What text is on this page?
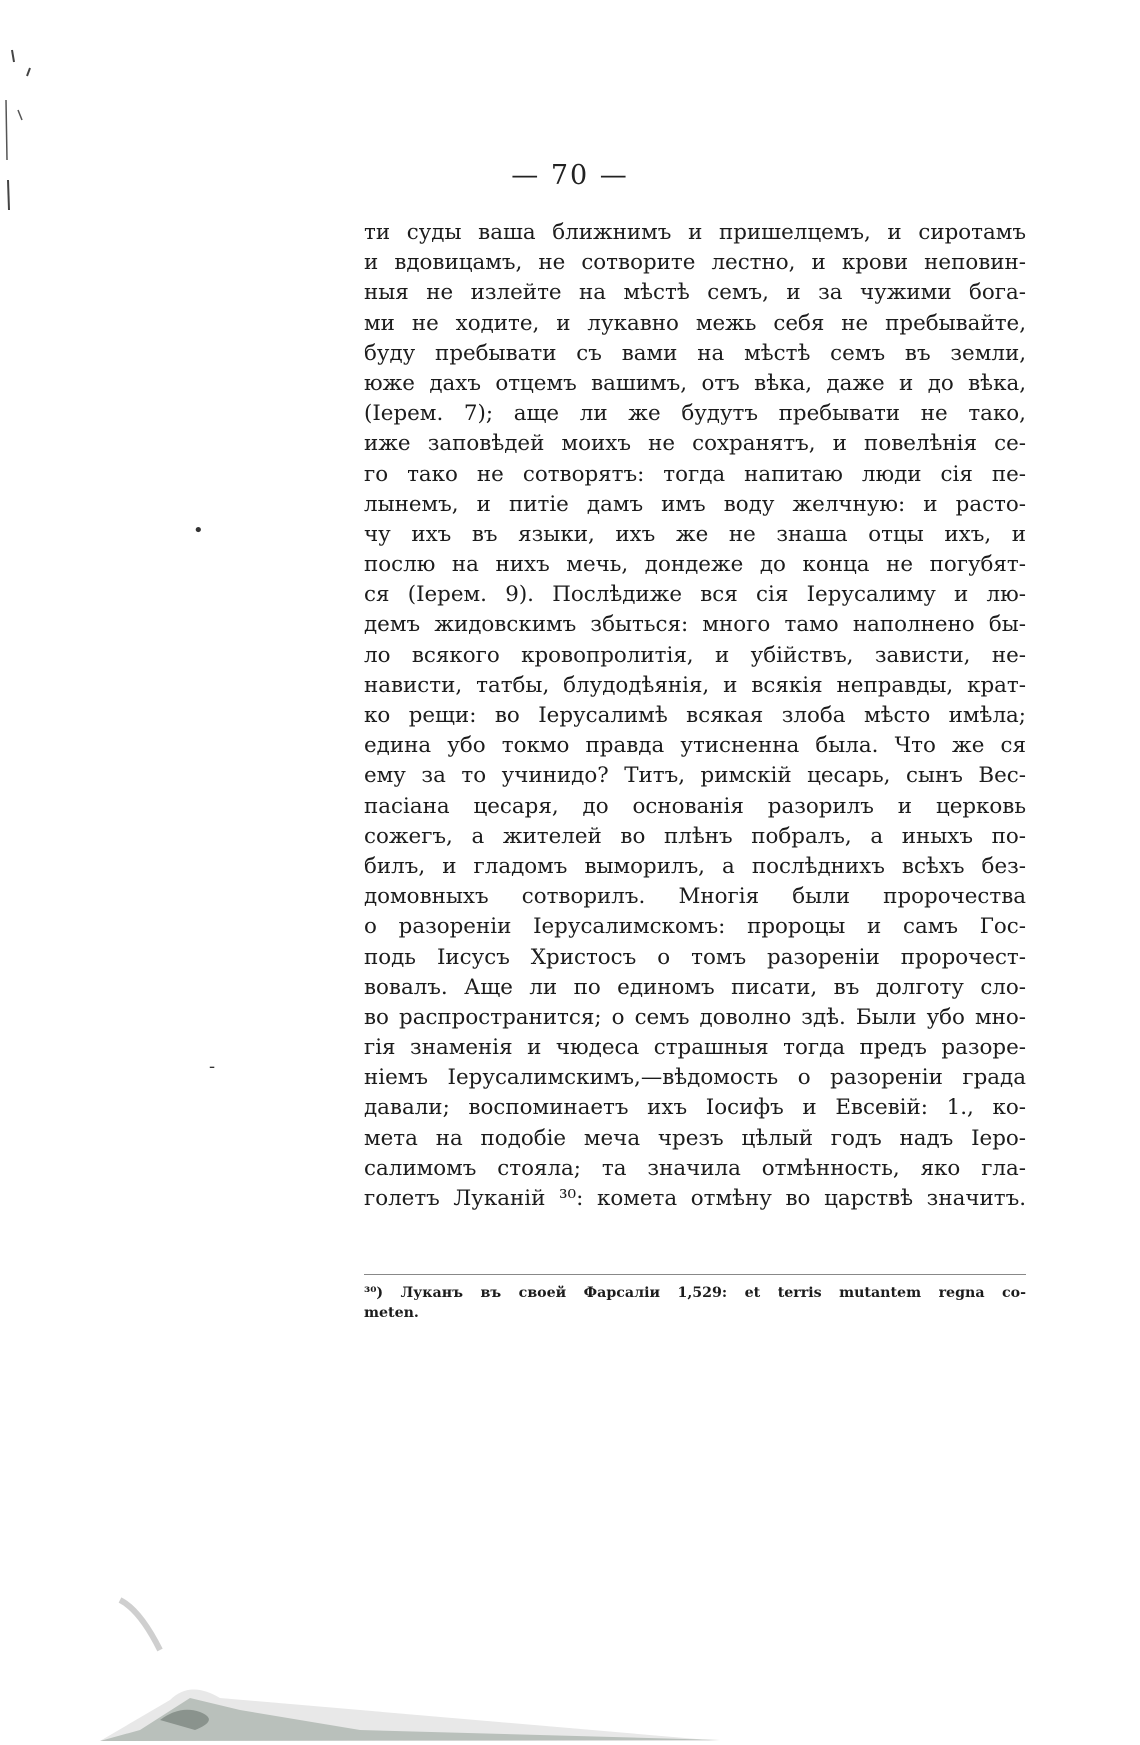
— 70 —
ти суды ваша ближнимъ и пришелцемъ, и сиротамъ
и вдовицамъ, не сотворите лестно, и крови неповин-
ныя не излейте на мѣстѣ семъ, и за чужими бога-
ми не ходите, и лукавно межь себя не пребывайте,
буду пребывати съ вами на мѣстѣ семъ въ земли,
юже дахъ отцемъ вашимъ, отъ вѣка, даже и до вѣка,
(Iерем. 7); аще ли же будутъ пребывати не тако,
иже заповѣдей моихъ не сохранятъ, и повелѣнія се-
го тако не сотворятъ: тогда напитаю люди сія пе-
лынемъ, и питіе дамъ имъ воду желчную: и расто-
чу ихъ въ языки, ихъ же не знаша отцы ихъ, и
послю на нихъ мечь, дондеже до конца не погубят-
ся (Iерем. 9). Послѣдиже вся сія Iерусалиму и лю-
демъ жидовскимъ збыться: много тамо наполнено бы-
ло всякого кровопролитія, и убійствъ, зависти, не-
нависти, татбы, блудодѣянія, и всякія неправды, крат-
ко рещи: во Iерусалимѣ всякая злоба мѣсто имѣла;
едина убо токмо правда утисненна была. Что же ся
ему за то учинидо? Титъ, римскій цесарь, сынъ Вес-
пасіана цесаря, до основанія разорилъ и церковь
сожегъ, а жителей во плѣнъ побралъ, а иныхъ по-
билъ, и гладомъ выморилъ, а послѣднихъ всѣхъ без-
домовныхъ сотворилъ. Многія были пророчества
о разореніи Iерусалимскомъ: пророцы и самъ Гос-
подь Iисусъ Христосъ о томъ разореніи пророчест-
вовалъ. Аще ли по единомъ писати, въ долготу сло-
во распространится; о семъ доволно здѣ. Были убо мно-
гія знаменія и чюдеса страшныя тогда предъ разоре-
ніемъ Iерусалимскимъ,—вѣдомость о разореніи града
давали; воспоминаетъ ихъ Iосифъ и Евсевій: 1., ко-
мета на подобіе меча чрезъ цѣлый годъ надъ Iеро-
салимомъ стояла; та значила отмѣнность, яко гла-
голетъ Луканій ³⁰: комета отмѣну во царствѣ значитъ.
³⁰) Луканъ въ своей Фарсаліи 1,529: et terris mutantem regna co-
meten.
•
-
